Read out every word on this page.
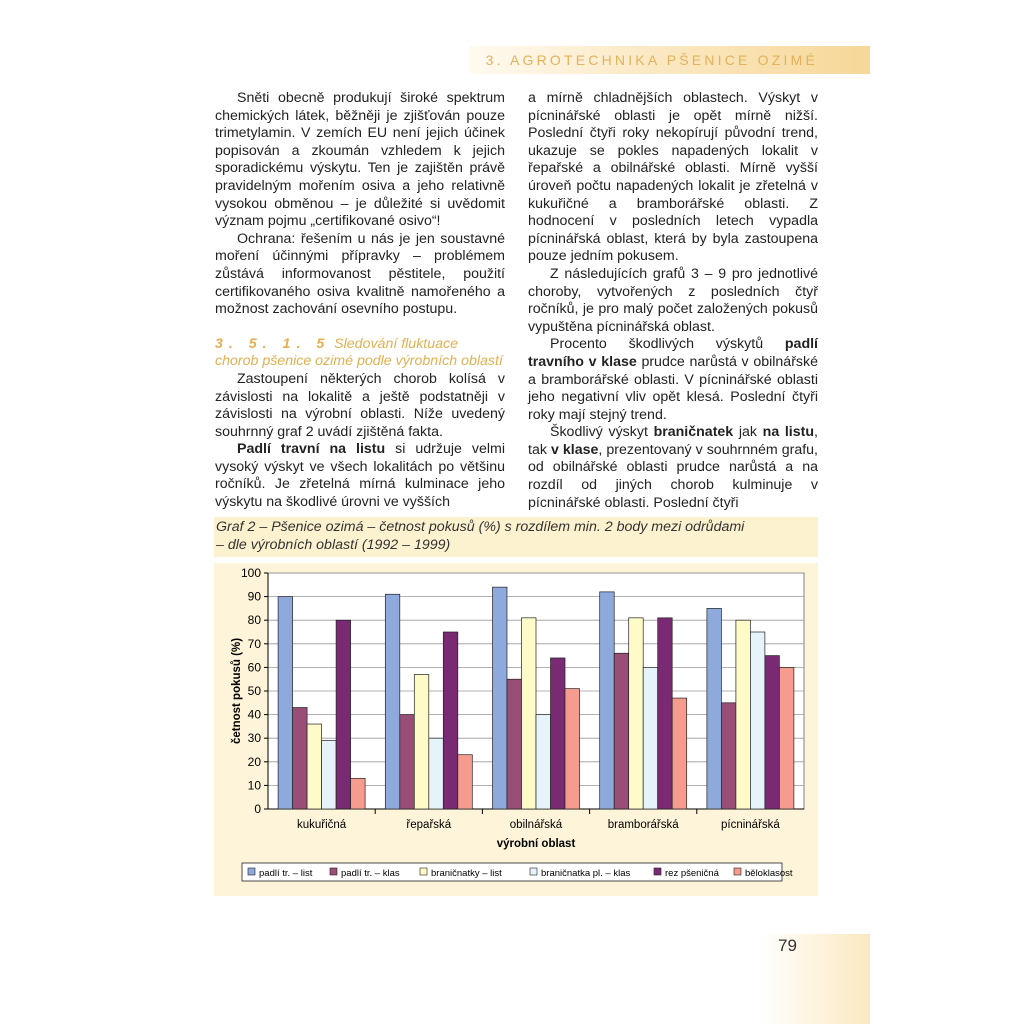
3. AGROTECHNIKA PŠENICE OZIMÉ

Sněti obecně produkují široké spektrum chemických látek, běžněji je zjišťován pouze trimetylamin. V zemích EU není jejich účinek popisován a zkoumán vzhledem k jejich sporadickému výskytu. Ten je zajištěn právě pravidelným mořením osiva a jeho relativně vysokou obměnou – je důležité si uvědomit význam pojmu „certifikované osivo“!

Ochrana: řešením u nás je jen soustavné moření účinnými přípravky – problémem zůstává informovanost pěstitele, použití certifikovaného osiva kvalitně namořeného a možnost zachování osevního postupu.

3. 5. 1. 5 Sledování fluktuace chorob pšenice ozimé podle výrobních oblastí

Zastoupení některých chorob kolísá v závislosti na lokalitě a ještě podstatněji v závislosti na výrobní oblasti. Níže uvedený souhrnný graf 2 uvádí zjištěná fakta.

Padlí travní na listu si udržuje velmi vysoký výskyt ve všech lokalitách po většinu ročníků. Je zřetelná mírná kulminace jeho výskytu na škodlivé úrovni ve vyšších

a mírně chladnějších oblastech. Výskyt v pícninářské oblasti je opět mírně nižší. Poslední čtyři roky nekopírují původní trend, ukazuje se pokles napadených lokalit v řepařské a obilnářské oblasti. Mírně vyšší úroveň počtu napadených lokalit je zřetelná v kukuřičné a bramborářské oblasti. Z hodnocení v posledních letech vypadla pícninářská oblast, která by byla zastoupena pouze jedním pokusem.

Z následujících grafů 3 – 9 pro jednotlivé choroby, vytvořených z posledních čtyř ročníků, je pro malý počet založených pokusů vypuštěna pícninářská oblast.

Procento škodlivých výskytů padlí travního v klase prudce narůstá v obilnářské a bramborářské oblasti. V pícninářské oblasti jeho negativní vliv opět klesá. Poslední čtyři roky mají stejný trend.

Škodlivý výskyt braničnatek jak na listu, tak v klase, prezentovaný v souhrnném grafu, od obilnářské oblasti prudce narůstá a na rozdíl od jiných chorob kulminuje v pícninářské oblasti. Poslední čtyři

Graf 2 – Pšenice ozimá – četnost pokusů (%) s rozdílem min. 2 body mezi odrůdami
– dle výrobních oblastí (1992 – 1999)
0
10
20
30
40
50
60
70
80
90
100
kukuřičná	řepařská	obilnářská	bramborářská	pícninářská
výrobní oblast
četnost pokusů (%)
padlí tr. – list	padlí tr. – klas	braničnatky – list	braničnatka pl. – klas	rez pšeničná	běloklasost
79
